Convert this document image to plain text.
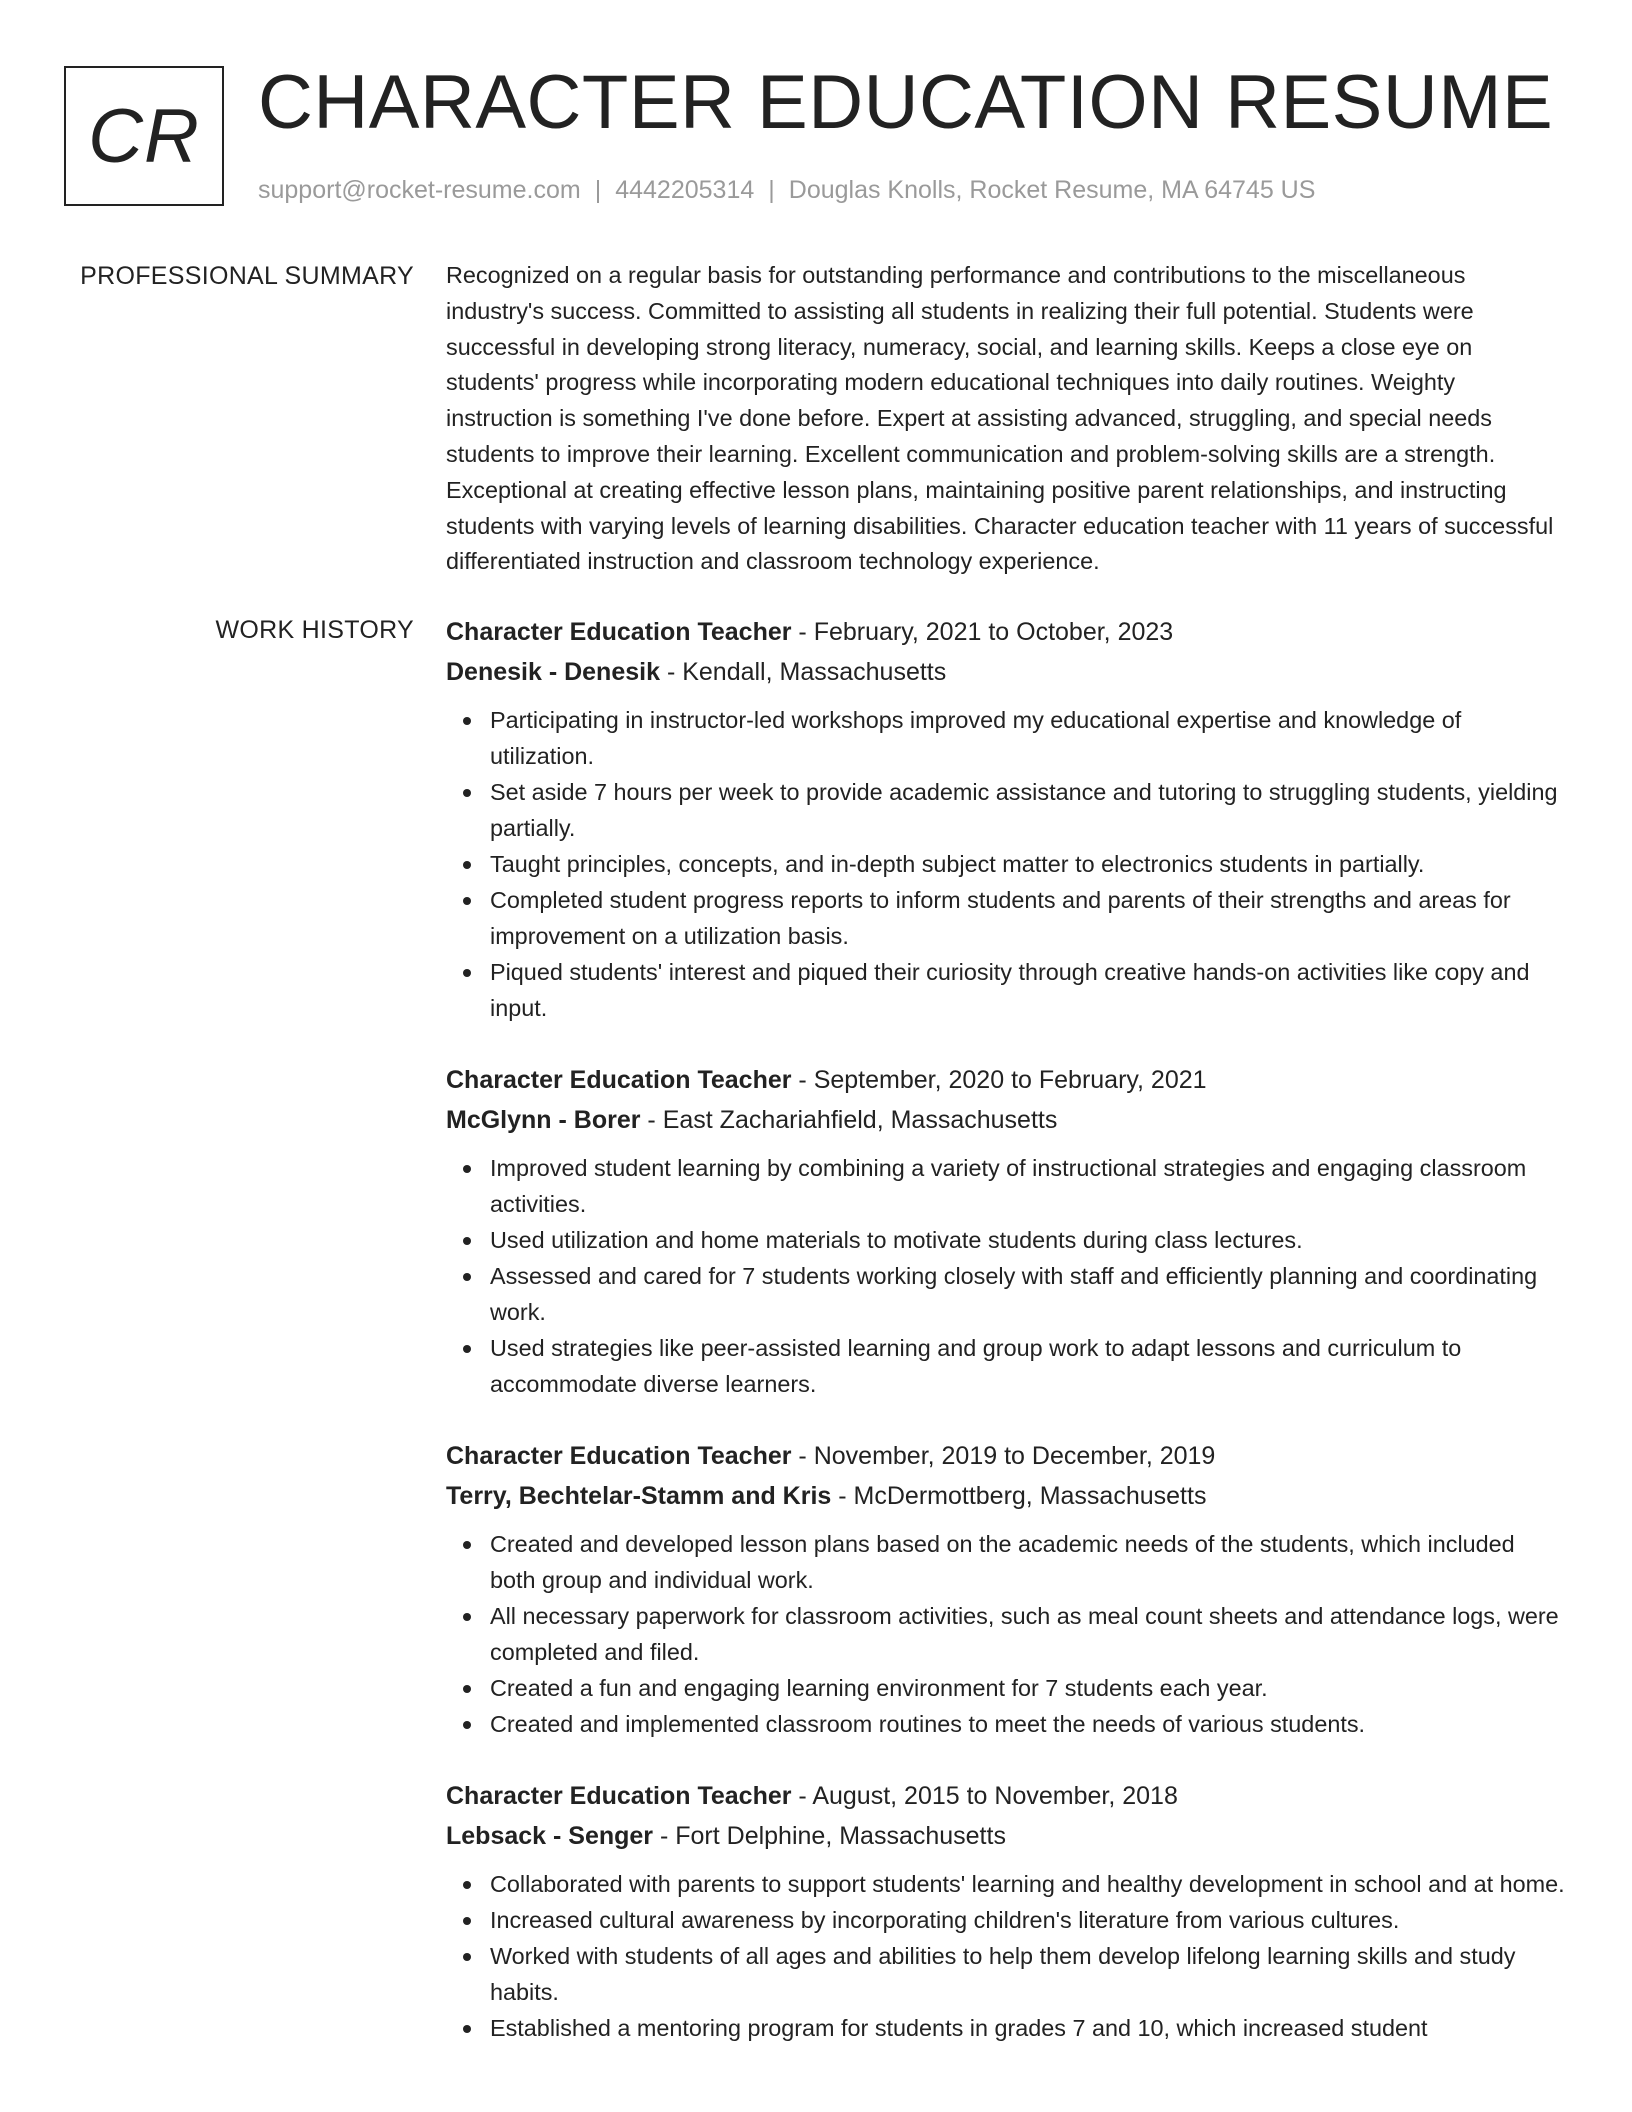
CR CHARACTER EDUCATION RESUME
support@rocket-resume.com | 4442205314 | Douglas Knolls, Rocket Resume, MA 64745 US
PROFESSIONAL SUMMARY Recognized on a regular basis for outstanding performance and contributions to the miscellaneous industry's success. Committed to assisting all students in realizing their full potential. Students were successful in developing strong literacy, numeracy, social, and learning skills. Keeps a close eye on students' progress while incorporating modern educational techniques into daily routines. Weighty instruction is something I've done before. Expert at assisting advanced, struggling, and special needs students to improve their learning. Excellent communication and problem-solving skills are a strength. Exceptional at creating effective lesson plans, maintaining positive parent relationships, and instructing students with varying levels of learning disabilities. Character education teacher with 11 years of successful differentiated instruction and classroom technology experience.

WORK HISTORY Character Education Teacher - February, 2021 to October, 2023
Denesik - Denesik - Kendall, Massachusetts
Participating in instructor-led workshops improved my educational expertise and knowledge of utilization.
Set aside 7 hours per week to provide academic assistance and tutoring to struggling students, yielding partially.
Taught principles, concepts, and in-depth subject matter to electronics students in partially.
Completed student progress reports to inform students and parents of their strengths and areas for improvement on a utilization basis.
Piqued students' interest and piqued their curiosity through creative hands-on activities like copy and input.
Character Education Teacher - September, 2020 to February, 2021
McGlynn - Borer - East Zachariahfield, Massachusetts
Improved student learning by combining a variety of instructional strategies and engaging classroom activities.
Used utilization and home materials to motivate students during class lectures.
Assessed and cared for 7 students working closely with staff and efficiently planning and coordinating work.
Used strategies like peer-assisted learning and group work to adapt lessons and curriculum to accommodate diverse learners.
Character Education Teacher - November, 2019 to December, 2019
Terry, Bechtelar-Stamm and Kris - McDermottberg, Massachusetts
Created and developed lesson plans based on the academic needs of the students, which included both group and individual work.
All necessary paperwork for classroom activities, such as meal count sheets and attendance logs, were completed and filed.
Created a fun and engaging learning environment for 7 students each year.
Created and implemented classroom routines to meet the needs of various students.
Character Education Teacher - August, 2015 to November, 2018
Lebsack - Senger - Fort Delphine, Massachusetts
Collaborated with parents to support students' learning and healthy development in school and at home.
Increased cultural awareness by incorporating children's literature from various cultures.
Worked with students of all ages and abilities to help them develop lifelong learning skills and study habits.
Established a mentoring program for students in grades 7 and 10, which increased student
